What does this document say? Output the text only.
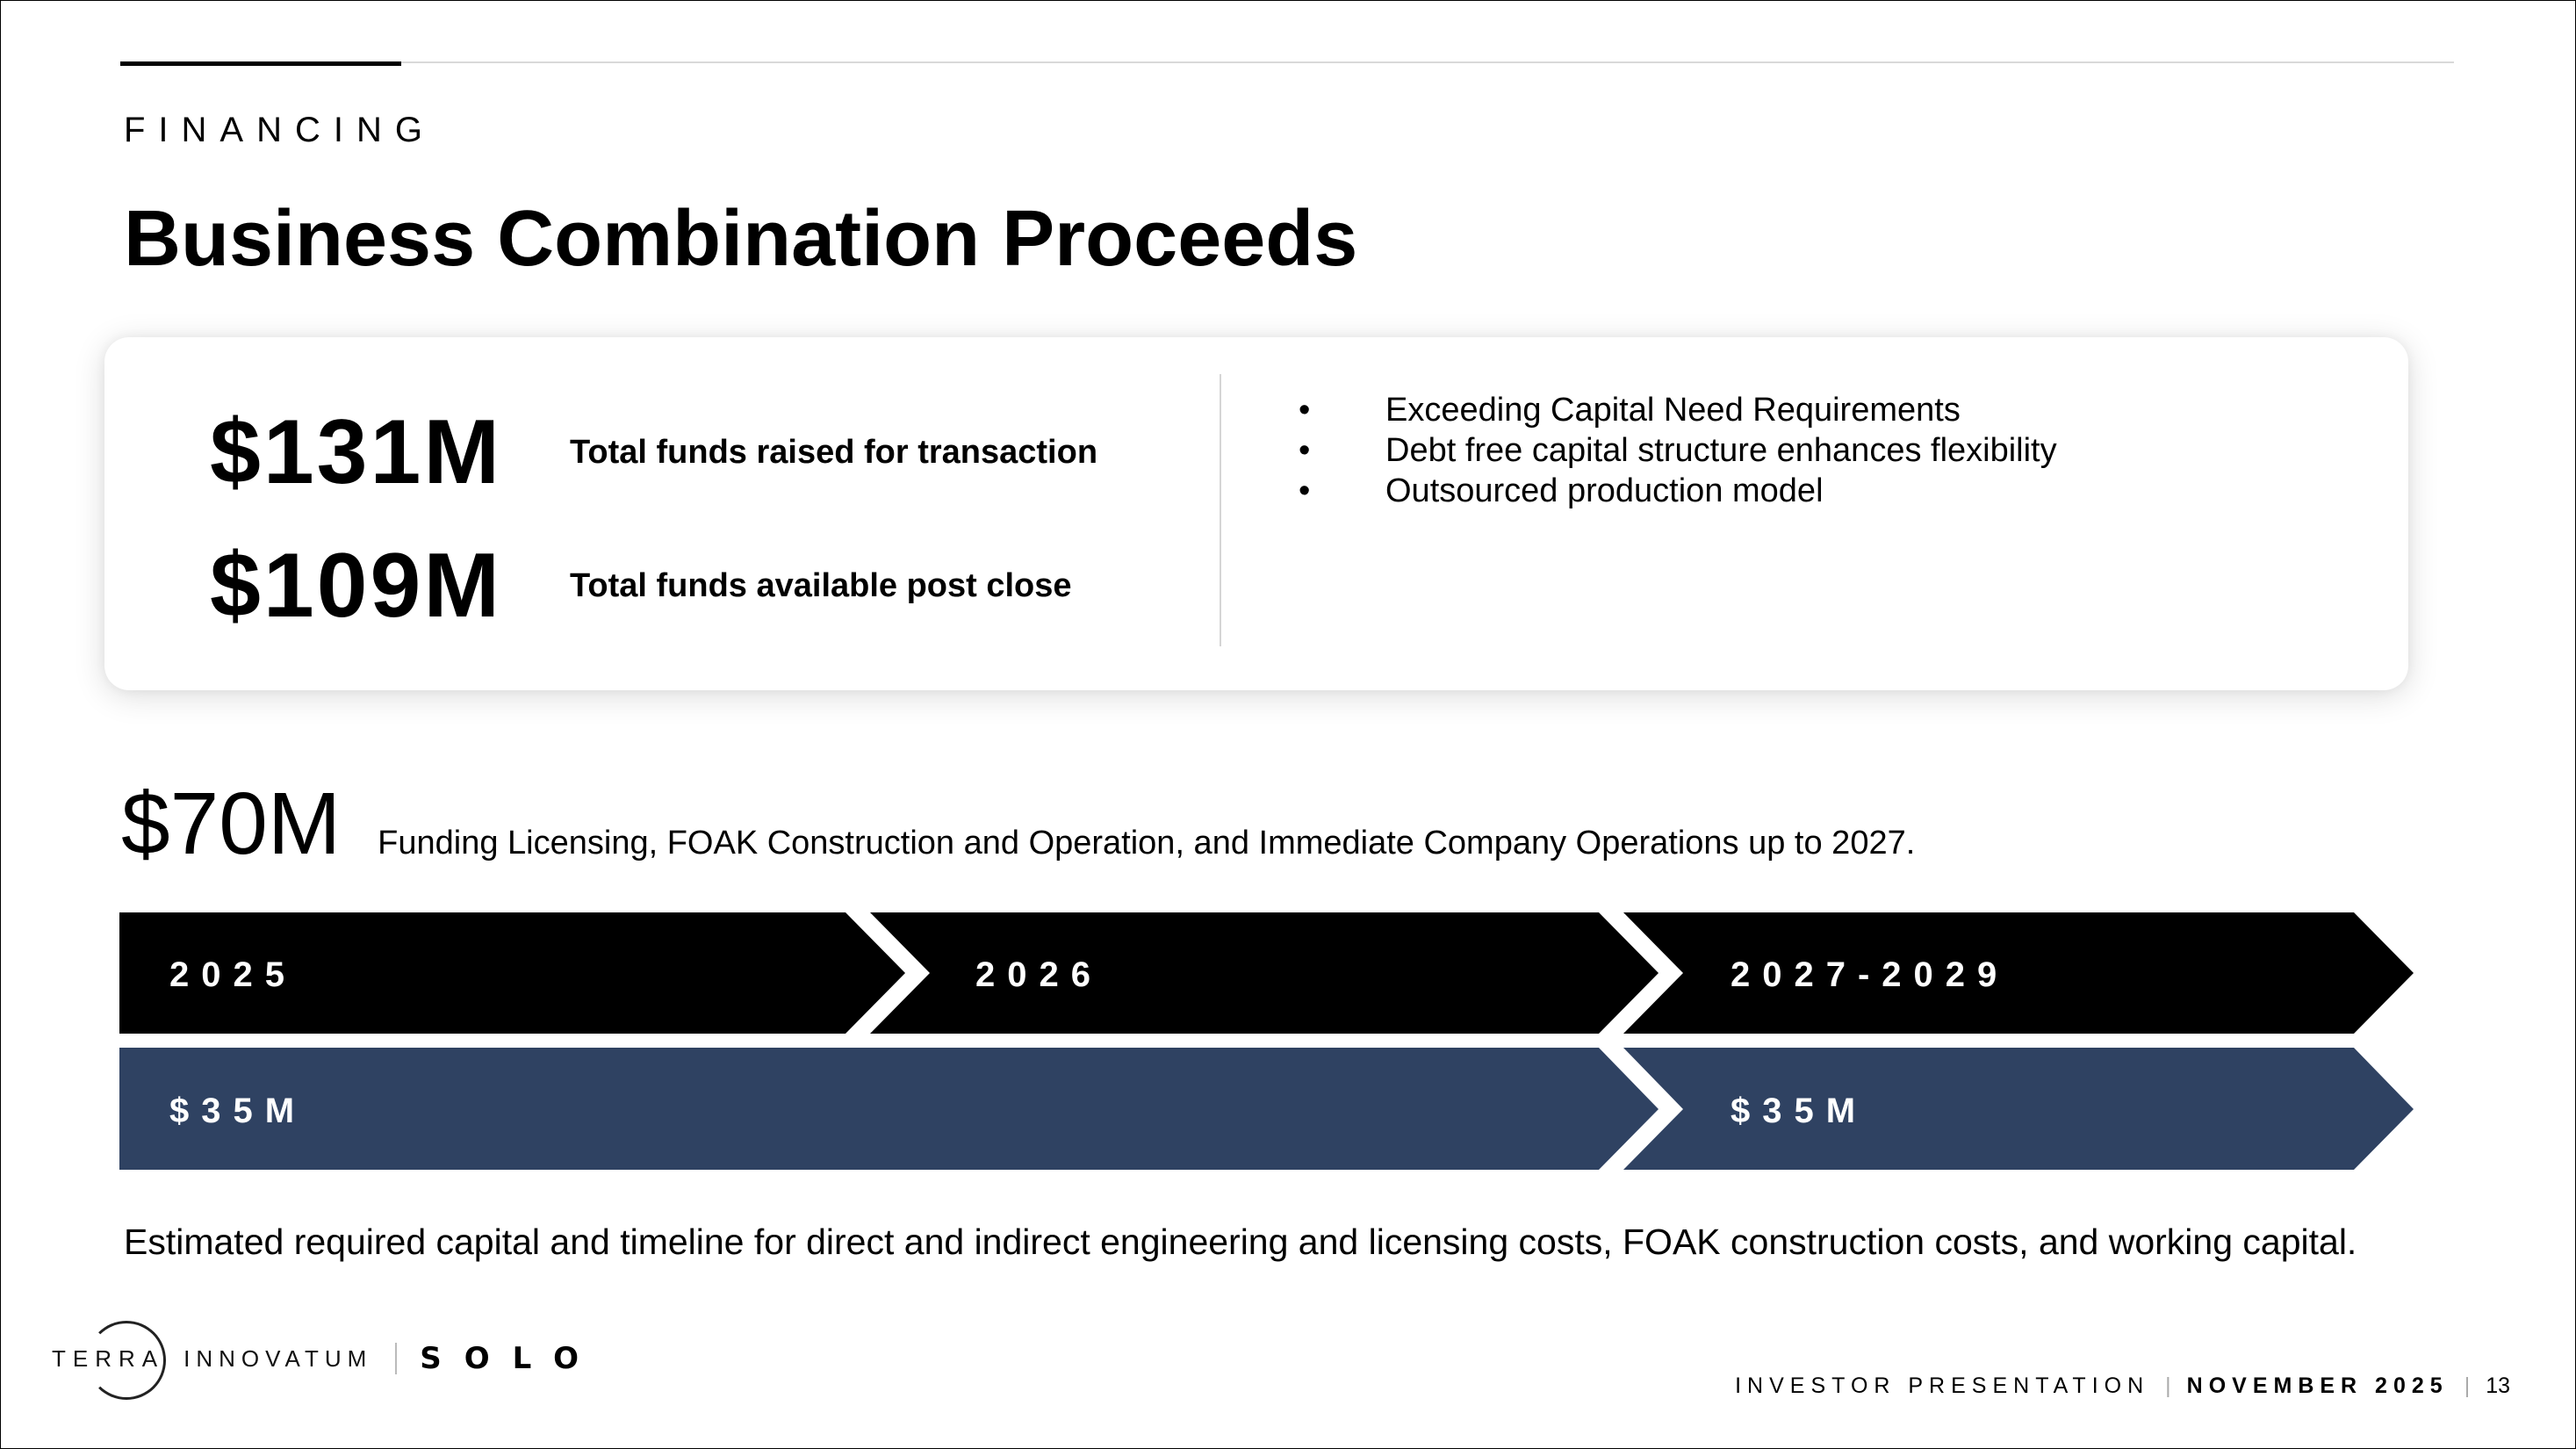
FINANCING
Business Combination Proceeds
$131M	Total funds raised for transaction
$109M	Total funds available post close
• Exceeding Capital Need Requirements
• Debt free capital structure enhances flexibility
• Outsourced production model
$70M Funding Licensing, FOAK Construction and Operation, and Immediate Company Operations up to 2027.
2025	2026	2027-2029
$35M	$35M
Estimated required capital and timeline for direct and indirect engineering and licensing costs, FOAK construction costs, and working capital.
TERRA INNOVATUM SOLO
INVESTOR PRESENTATION | NOVEMBER 2025 | 13
